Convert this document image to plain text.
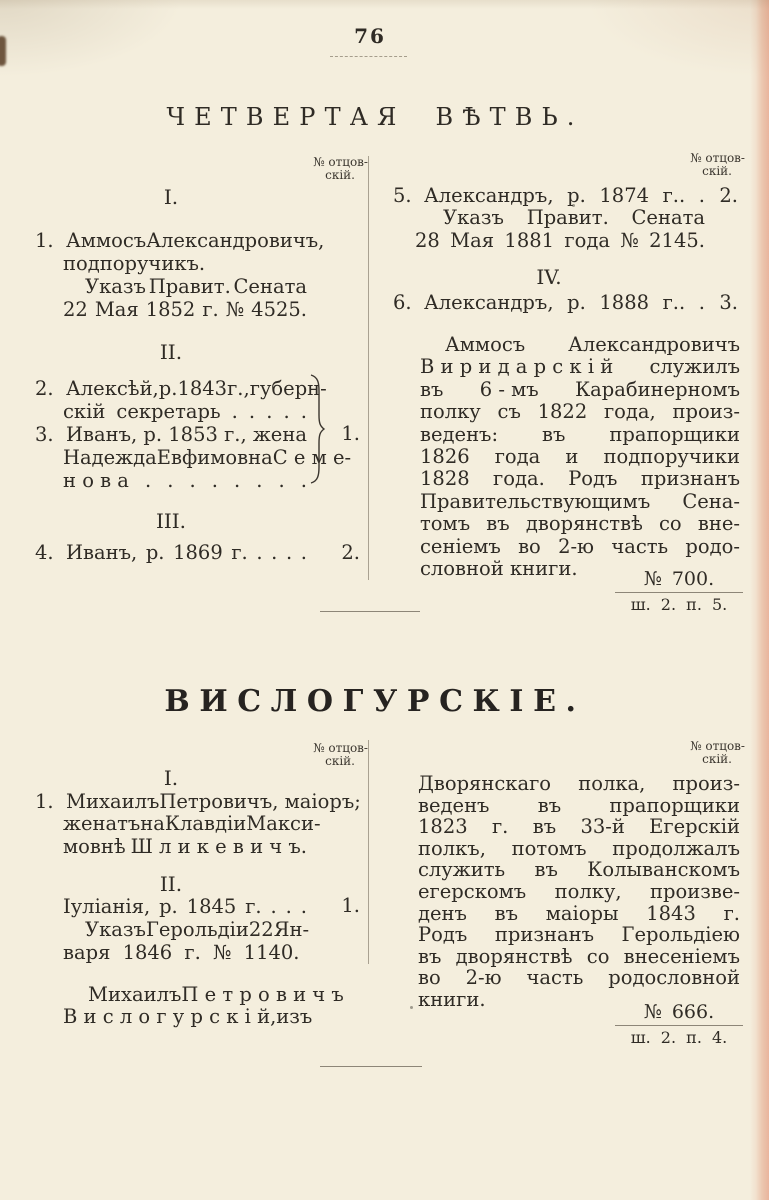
76
ЧЕТВЕРТАЯ ВѢТВЬ.
№ отцов-
скій.
№ отцов-
скій.
I.
1.  Аммосъ Александровичъ,
подпоручикъ.
Указъ Правит. Сената
22 Мая 1852 г. № 4525.
II.
2.  Алексѣй, р. 1843 г., губерн-
скій секретарь . . . . .
3.  Иванъ, р. 1853 г., жена
Надежда Евфимовна С е м е-
н о в а . . . . . . . .
1.
III.
4.  Иванъ, р. 1869 г. . . . .	2.
5.  Александръ, р. 1874 г.. . 2.
Указъ Правит. Сената
28 Мая 1881 года № 2145.
IV.
6.  Александръ, р. 1888 г.. . 3.
Аммосъ Александровичъ
В и р и д а р с к і й служилъ
въ 6 - мъ Карабинерномъ
полку съ 1822 года, произ-
веденъ: въ прапорщики
1826 года и подпоручики
1828 года. Родъ признанъ
Правительствующимъ Сена-
томъ въ дворянствѣ со вне-
сеніемъ во 2-ю часть родо-
словной книги.	№ 700.
ш. 2. п. 5.
ВИСЛОГУРСКІЕ.
№ отцов-
скій.
№ отцов-
скій.
I.
1.  Михаилъ Петровичъ, маіоръ;
женатъ на Клавдіи Макси-
мовнѣ Ш л и к е в и ч ъ.
II.
Іуліанія, р. 1845 г. . . .	1.
Указъ Герольдіи 22 Ян-
варя 1846 г. № 1140.
Михаилъ П е т р о в и ч ъ
В и с л о г у р с к і й, изъ
Дворянскаго полка, произ-
веденъ въ прапорщики
1823 г. въ 33-й Егерскій
полкъ, потомъ продолжалъ
служить въ Колыванскомъ
егерскомъ полку, произве-
денъ въ маіоры 1843 г.
Родъ признанъ Герольдіею
въ дворянствѣ со внесеніемъ
во 2-ю часть родословной
книги.
№ 666.
ш. 2. п. 4.
